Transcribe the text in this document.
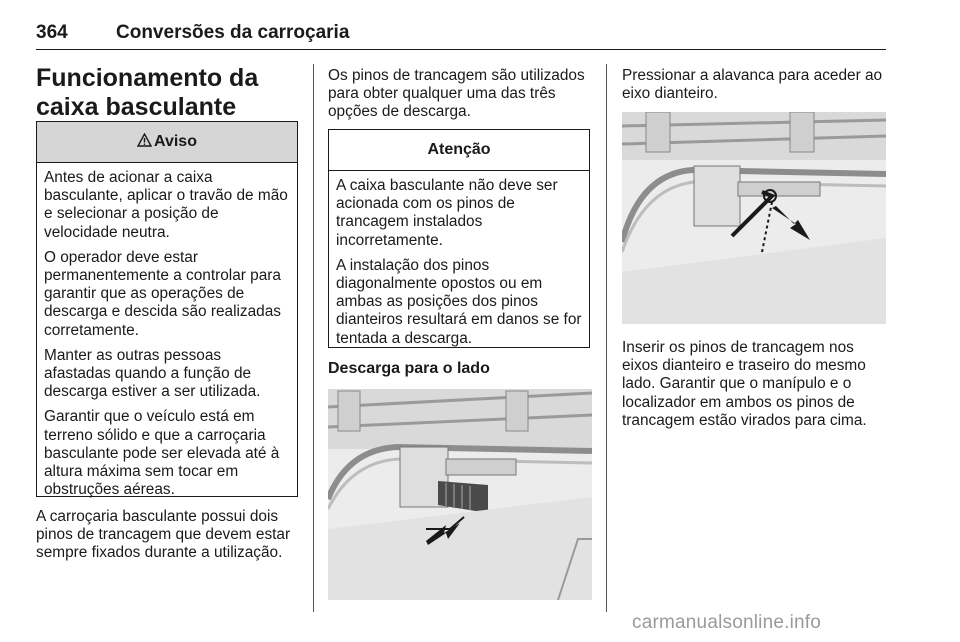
364	Conversões da carroçaria
Funcionamento da caixa basculante
Aviso

Antes de acionar a caixa basculante, aplicar o travão de mão e selecionar a posição de velocidade neutra.

O operador deve estar permanentemente a controlar para garantir que as operações de descarga e descida são realizadas corretamente.

Manter as outras pessoas afastadas quando a função de descarga estiver a ser utilizada.

Garantir que o veículo está em terreno sólido e que a carroçaria basculante pode ser elevada até à altura máxima sem tocar em obstruções aéreas.

A carroçaria basculante possui dois pinos de trancagem que devem estar sempre fixados durante a utilização.

Os pinos de trancagem são utilizados para obter qualquer uma das três opções de descarga.

Atenção

A caixa basculante não deve ser acionada com os pinos de trancagem instalados incorretamente.

A instalação dos pinos diagonalmente opostos ou em ambas as posições dos pinos dianteiros resultará em danos se for tentada a descarga.

Descarga para o lado

Pressionar a alavanca para aceder ao eixo dianteiro.

Inserir os pinos de trancagem nos eixos dianteiro e traseiro do mesmo lado. Garantir que o manípulo e o localizador em ambos os pinos de trancagem estão virados para cima.

carmanualsonline.info
